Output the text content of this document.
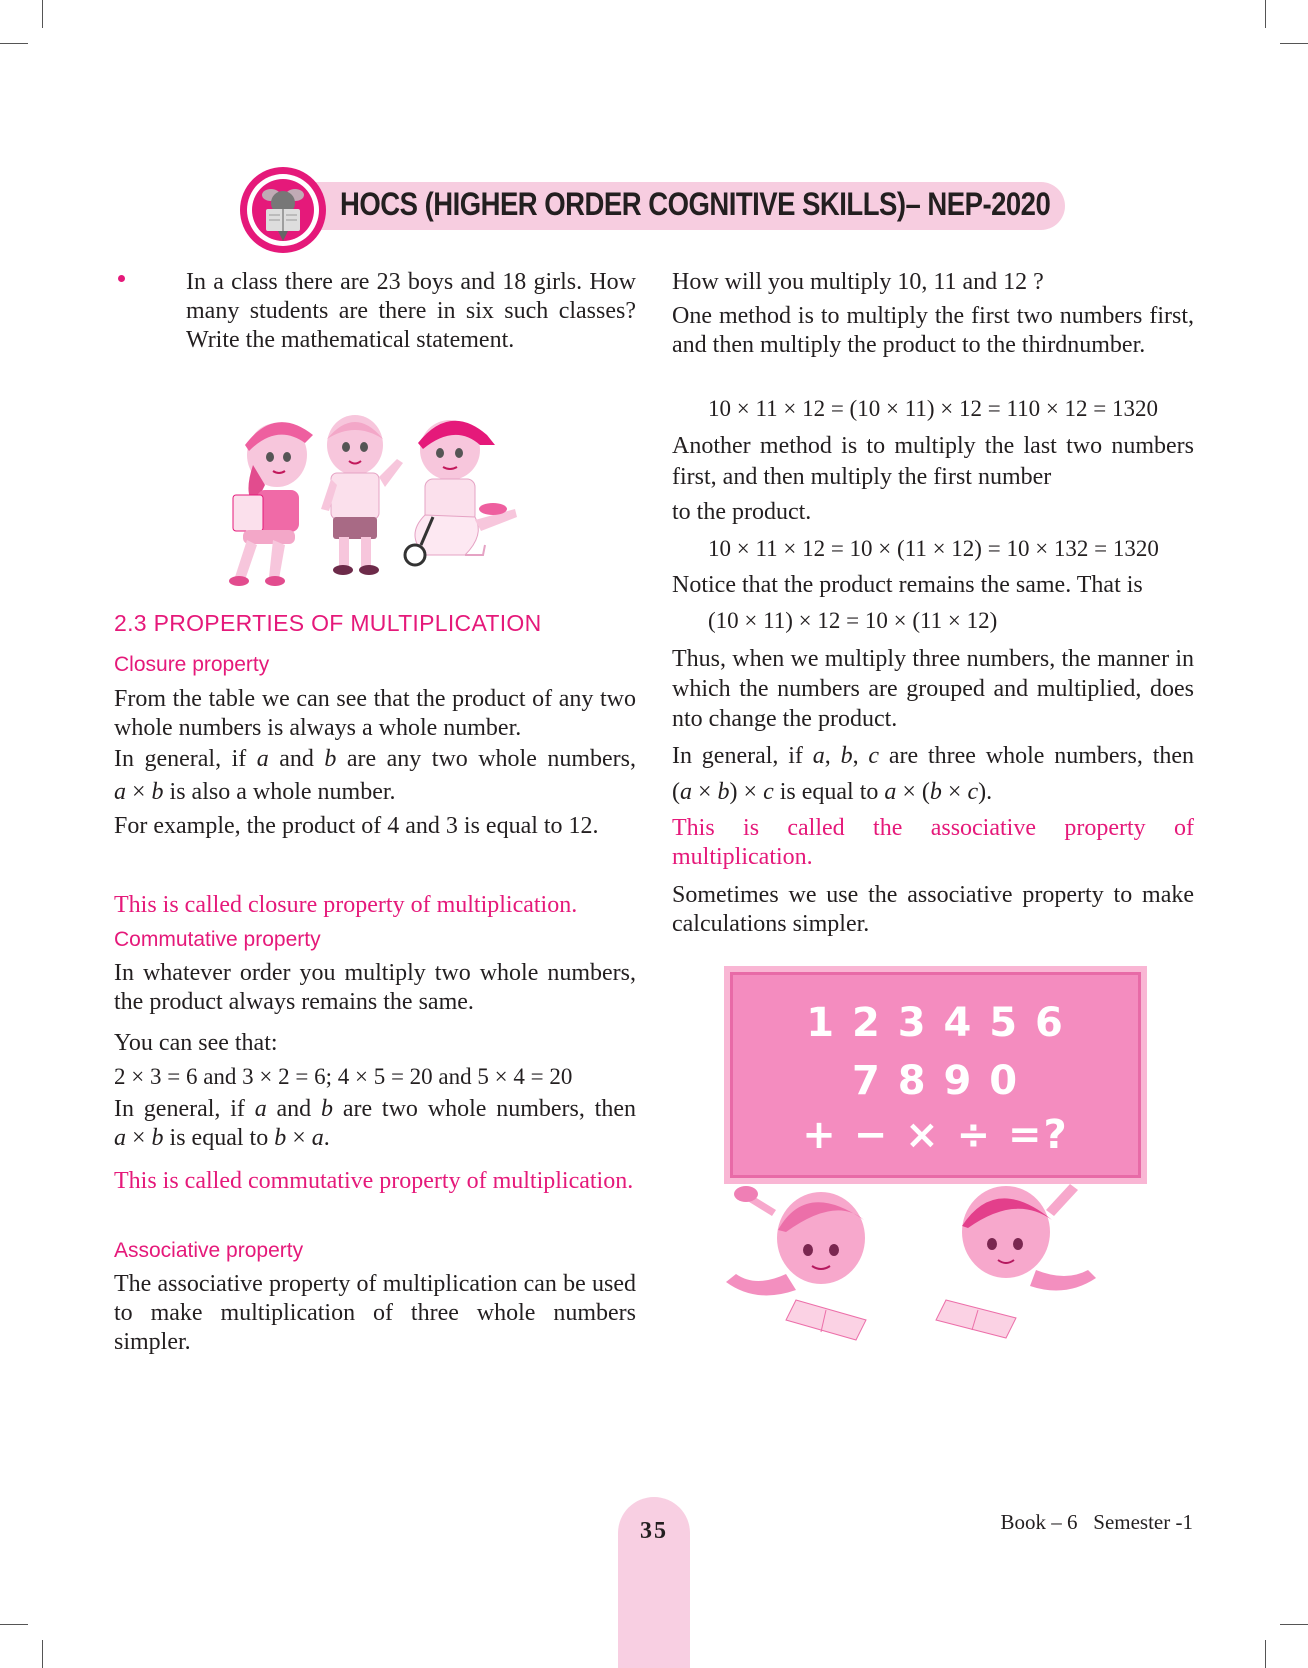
HOCS (HIGHER ORDER COGNITIVE SKILLS)– NEP-2020

In a class there are 23 boys and 18 girls. How many students are there in six such classes? Write the mathematical statement.

2.3 PROPERTIES OF MULTIPLICATION
Closure property

From the table we can see that the product of any two whole numbers is always a whole number.

In general, if a and b are any two whole numbers,

a × b is also a whole number.

For example, the product of 4 and 3 is equal to 12.

This is called closure property of multiplication.

Commutative property

In whatever order you multiply two whole numbers, the product always remains the same.

You can see that:

2 × 3 = 6 and 3 × 2 = 6; 4 × 5 = 20 and 5 × 4 = 20

In general, if a and b are two whole numbers, then

a × b is equal to b × a.

This is called commutative property of multiplication.

Associative property

The associative property of multiplication can be used to make multiplication of three whole numbers simpler.

How will you multiply 10, 11 and 12 ?

One method is to multiply the first two numbers first, and then multiply the product to the thirdnumber.

10 × 11 × 12 = (10 × 11) × 12 = 110 × 12 = 1320

Another method is to multiply the last two numbers first, and then multiply the first number

to the product.

10 × 11 × 12 = 10 × (11 × 12) = 10 × 132 = 1320

Notice that the product remains the same. That is

(10 × 11) × 12 = 10 × (11 × 12)

Thus, when we multiply three numbers, the manner in which the numbers are grouped and multiplied, does nto change the product.

In general, if a, b, c are three whole numbers, then

(a × b) × c is equal to a × (b × c).

This is called the associative property of multiplication.

Sometimes we use the associative property to make calculations simpler.

1 2 3 4 5 6
7 8 9 0
+ − × ÷ =?
35	Book – 6   Semester -1
